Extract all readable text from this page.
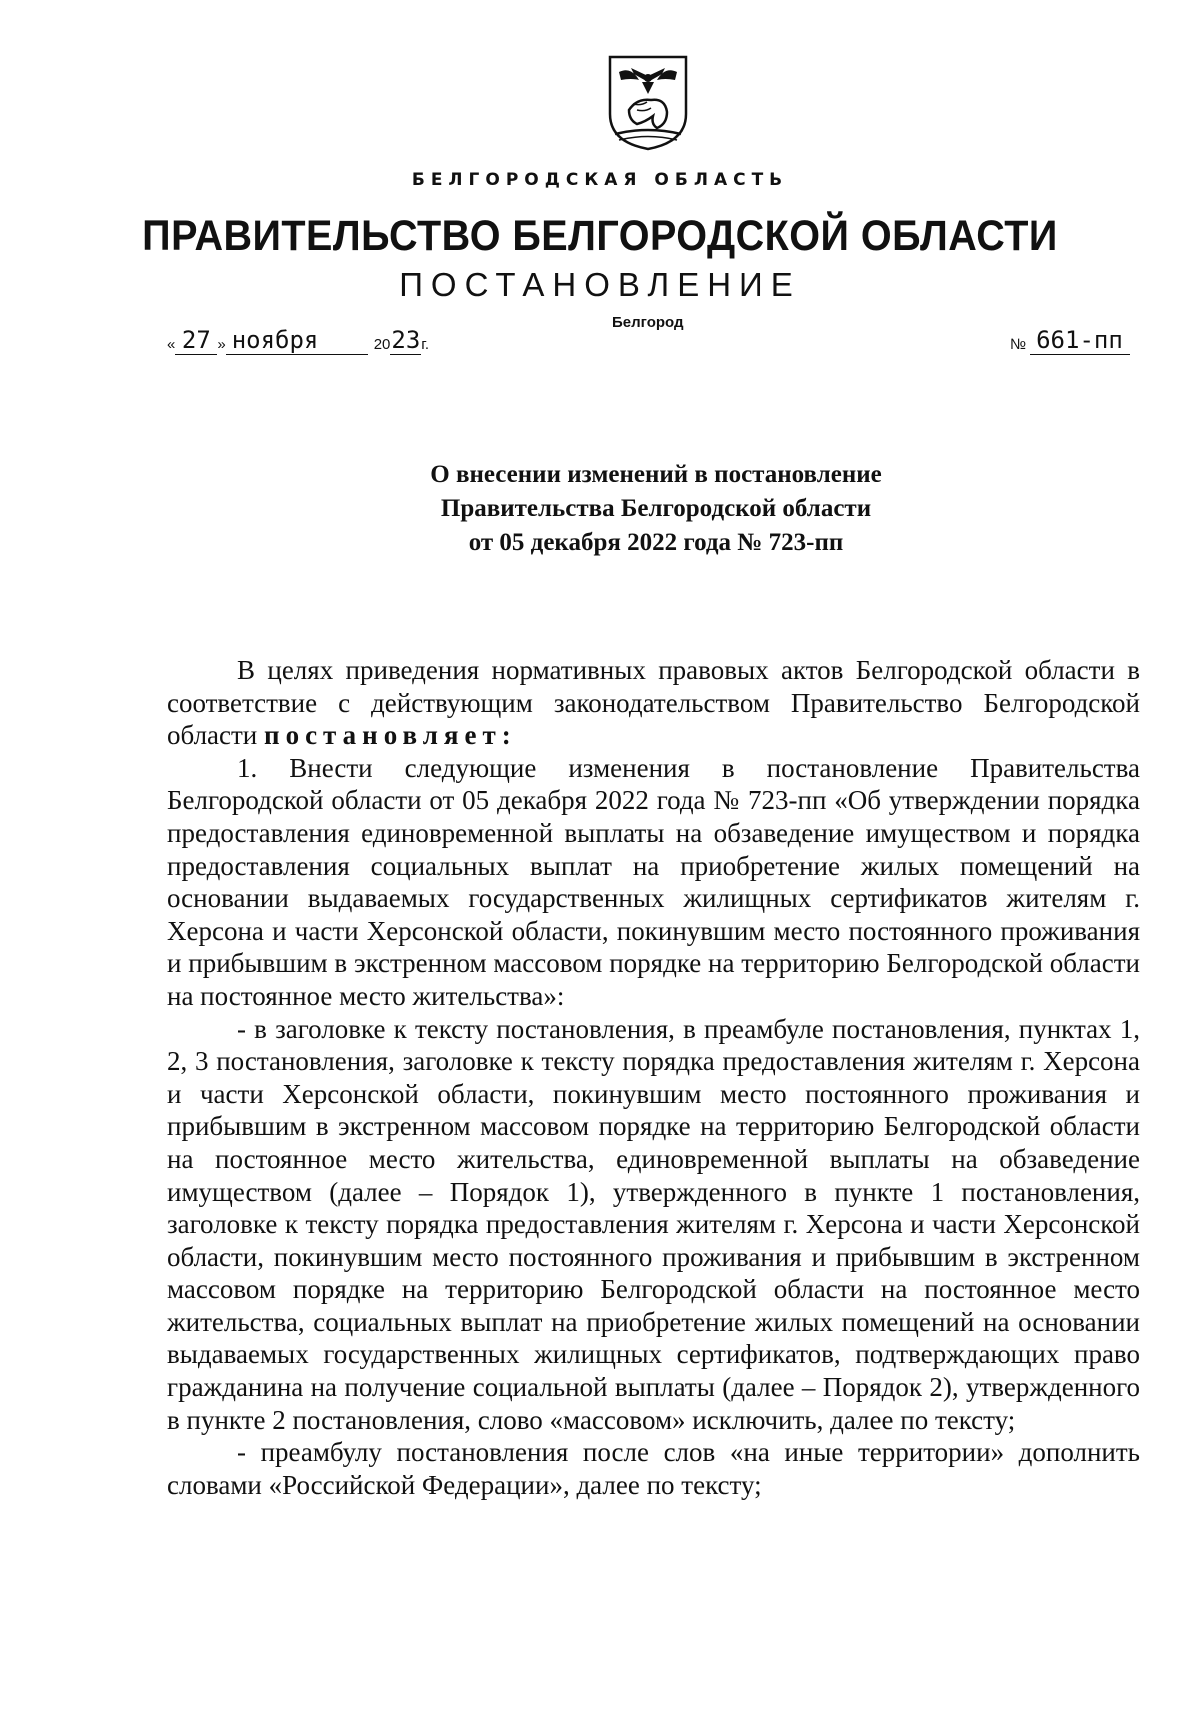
БЕЛГОРОДСКАЯ ОБЛАСТЬ
ПРАВИТЕЛЬСТВО БЕЛГОРОДСКОЙ ОБЛАСТИ
ПОСТАНОВЛЕНИЕ
Белгород
« 27 » ноября	20 23 г.	№ 661-пп
О внесении изменений в постановление
Правительства Белгородской области
от 05 декабря 2022 года № 723-пп

В целях приведения нормативных правовых актов Белгородской области в соответствие с действующим законодательством Правительство Белгородской области постановляет:

1. Внести следующие изменения в постановление Правительства Белгородской области от 05 декабря 2022 года № 723-пп «Об утверждении порядка предоставления единовременной выплаты на обзаведение имуществом и порядка предоставления социальных выплат на приобретение жилых помещений на основании выдаваемых государственных жилищных сертификатов жителям г. Херсона и части Херсонской области, покинувшим место постоянного проживания и прибывшим в экстренном массовом порядке на территорию Белгородской области на постоянное место жительства»:

- в заголовке к тексту постановления, в преамбуле постановления, пунктах 1, 2, 3 постановления, заголовке к тексту порядка предоставления жителям г. Херсона и части Херсонской области, покинувшим место постоянного проживания и прибывшим в экстренном массовом порядке на территорию Белгородской области на постоянное место жительства, единовременной выплаты на обзаведение имуществом (далее – Порядок 1), утвержденного в пункте 1 постановления, заголовке к тексту порядка предоставления жителям г. Херсона и части Херсонской области, покинувшим место постоянного проживания и прибывшим в экстренном массовом порядке на территорию Белгородской области на постоянное место жительства, социальных выплат на приобретение жилых помещений на основании выдаваемых государственных жилищных сертификатов, подтверждающих право гражданина на получение социальной выплаты (далее – Порядок 2), утвержденного в пункте 2 постановления, слово «массовом» исключить, далее по тексту;

- преамбулу постановления после слов «на иные территории» дополнить словами «Российской Федерации», далее по тексту;
